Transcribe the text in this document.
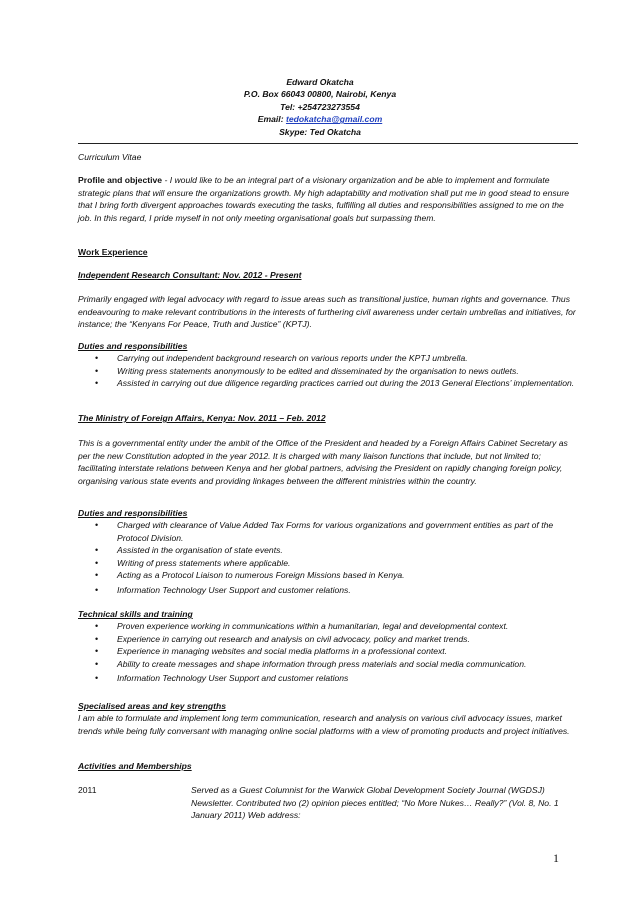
Edward Okatcha
P.O. Box 66043 00800, Nairobi, Kenya
Tel: +254723273554
Email: tedokatcha@gmail.com
Skype: Ted Okatcha
Curriculum Vitae
Profile and objective - I would like to be an integral part of a visionary organization and be able to implement and formulate strategic plans that will ensure the organizations growth. My high adaptability and motivation shall put me in good stead to ensure that I bring forth divergent approaches towards executing the tasks, fulfilling all duties and responsibilities assigned to me on the job. In this regard, I pride myself in not only meeting organisational goals but surpassing them.
Work Experience
Independent Research Consultant: Nov. 2012 - Present
Primarily engaged with legal advocacy with regard to issue areas such as transitional justice, human rights and governance. Thus endeavouring to make relevant contributions in the interests of furthering civil awareness under certain umbrellas and initiatives, for instance; the “Kenyans For Peace, Truth and Justice” (KPTJ).
Duties and responsibilities
• Carrying out independent background research on various reports under the KPTJ umbrella.
• Writing press statements anonymously to be edited and disseminated by the organisation to news outlets.
• Assisted in carrying out due diligence regarding practices carried out during the 2013 General Elections’ implementation.
The Ministry of Foreign Affairs, Kenya: Nov. 2011 – Feb. 2012
This is a governmental entity under the ambit of the Office of the President and headed by a Foreign Affairs Cabinet Secretary as per the new Constitution adopted in the year 2012. It is charged with many liaison functions that include, but not limited to; facilitating interstate relations between Kenya and her global partners, advising the President on rapidly changing foreign policy, organising various state events and providing linkages between the different ministries within the country.
Duties and responsibilities
• Charged with clearance of Value Added Tax Forms for various organizations and government entities as part of the Protocol Division.
• Assisted in the organisation of state events.
• Writing of press statements where applicable.
• Acting as a Protocol Liaison to numerous Foreign Missions based in Kenya.
• Information Technology User Support and customer relations.
Technical skills and training
• Proven experience working in communications within a humanitarian, legal and developmental context.
• Experience in carrying out research and analysis on civil advocacy, policy and market trends.
• Experience in managing websites and social media platforms in a professional context.
• Ability to create messages and shape information through press materials and social media communication.
• Information Technology User Support and customer relations
Specialised areas and key strengths
I am able to formulate and implement long term communication, research and analysis on various civil advocacy issues, market trends while being fully conversant with managing online social platforms with a view of promoting products and project initiatives.
Activities and Memberships
2011	Served as a Guest Columnist for the Warwick Global Development Society Journal (WGDSJ) Newsletter. Contributed two (2) opinion pieces entitled; “No More Nukes… Really?” (Vol. 8, No. 1 January 2011) Web address:
1
